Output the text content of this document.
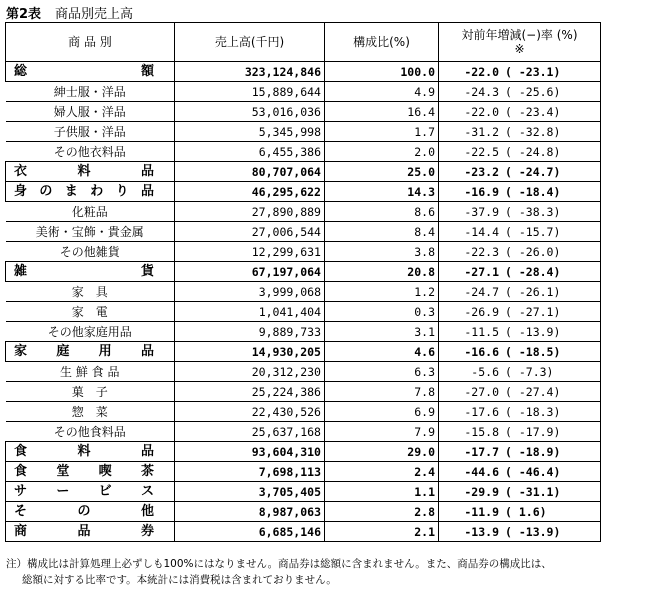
第2表 商品別売上高
商 品 別	売上高(千円)	構成比(%)	対前年増減(−)率 (%)
※

総　　額	323,124,846	100.0	-22.0 ( -23.1)

紳士服・洋品	15,889,644	4.9	-24.3 ( -25.6)

婦人服・洋品	53,016,036	16.4	-22.0 ( -23.4)

子供服・洋品	5,345,998	1.7	-31.2 ( -32.8)

その他衣料品	6,455,386	2.0	-22.5 ( -24.8)

衣　料　品	80,707,064	25.0	-23.2 ( -24.7)

身のまわり品	46,295,622	14.3	-16.9 ( -18.4)

化粧品	27,890,889	8.6	-37.9 ( -38.3)

美術・宝飾・貴金属	27,006,544	8.4	-14.4 ( -15.7)

その他雑貨	12,299,631	3.8	-22.3 ( -26.0)

雑　　貨	67,197,064	20.8	-27.1 ( -28.4)

家　具	3,999,068	1.2	-24.7 ( -26.1)

家　電	1,041,404	0.3	-26.9 ( -27.1)

その他家庭用品	9,889,733	3.1	-11.5 ( -13.9)

家 庭 用 品	14,930,205	4.6	-16.6 ( -18.5)

生 鮮 食 品	20,312,230	6.3	-5.6 ( -7.3)

菓　子	25,224,386	7.8	-27.0 ( -27.4)

惣　菜	22,430,526	6.9	-17.6 ( -18.3)

その他食料品	25,637,168	7.9	-15.8 ( -17.9)

食　料　品	93,604,310	29.0	-17.7 ( -18.9)

食 堂 喫 茶	7,698,113	2.4	-44.6 ( -46.4)

サ ー ビ ス	3,705,405	1.1	-29.9 ( -31.1)

そ の 他	8,987,063	2.8	-11.9 ( 1.6)

商 品 券	6,685,146	2.1	-13.9 ( -13.9)
注）構成比は計算処理上必ずしも100%にはなりません。商品券は総額に含まれません。また、商品券の構成比は、
総額に対する比率です。本統計には消費税は含まれておりません。
